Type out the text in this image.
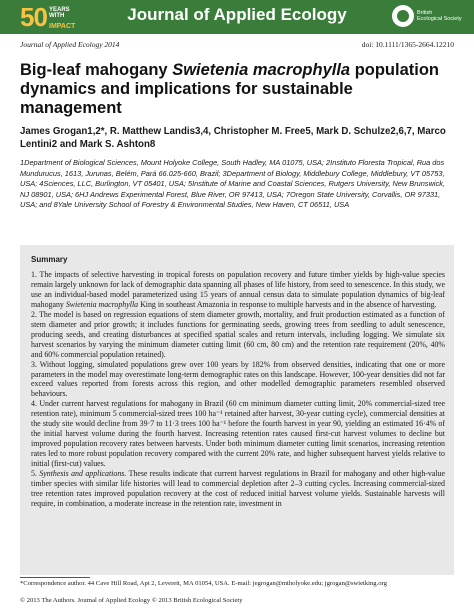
50 YEARS WITH
IMPACT
Journal of Applied Ecology	British
Ecological Society
Journal of Applied Ecology 2014	doi: 10.1111/1365-2664.12210
Big-leaf mahogany Swietenia macrophylla population dynamics and implications for sustainable management
James Grogan1,2*, R. Matthew Landis3,4, Christopher M. Free5, Mark D. Schulze2,6,7, Marco Lentini2 and Mark S. Ashton8
1Department of Biological Sciences, Mount Holyoke College, South Hadley, MA 01075, USA; 2Instituto Floresta Tropical, Rua dos Mundurucus, 1613, Jurunas, Belém, Pará 66.025-660, Brazil; 3Department of Biology, Middlebury College, Middlebury, VT 05753, USA; 4Sciences, LLC, Burlington, VT 05401, USA; 5Institute of Marine and Coastal Sciences, Rutgers University, New Brunswick, NJ 08901, USA; 6HJ Andrews Experimental Forest, Blue River, OR 97413, USA; 7Oregon State University, Corvallis, OR 97331, USA; and 8Yale University School of Forestry & Environmental Studies, New Haven, CT 06511, USA
Summary

1. The impacts of selective harvesting in tropical forests on population recovery and future timber yields by high-value species remain largely unknown for lack of demographic data spanning all phases of life history, from seed to senescence. In this study, we use an individual-based model parameterized using 15 years of annual census data to simulate population dynamics of big-leaf mahogany Swietenia macrophylla King in southeast Amazonia in response to multiple harvests and in the absence of harvesting.

2. The model is based on regression equations of stem diameter growth, mortality, and fruit production estimated as a function of stem diameter and prior growth; it includes functions for germinating seeds, growing trees from seedling to adult senescence, producing seeds, and creating disturbances at specified spatial scales and return intervals, including logging. We simulate six harvest scenarios by varying the minimum diameter cutting limit (60 cm, 80 cm) and the retention rate requirement (20%, 40% and 60% commercial population retained).

3. Without logging, simulated populations grew over 100 years by 182% from observed densities, indicating that one or more parameters in the model may overestimate long-term demographic rates on this landscape. However, 100-year densities did not far exceed values reported from forests across this region, and other modelled demographic parameters resembled observed behaviours.

4. Under current harvest regulations for mahogany in Brazil (60 cm minimum diameter cutting limit, 20% commercial-sized tree retention rate), minimum 5 commercial-sized trees 100 ha⁻¹ retained after harvest, 30-year cutting cycle), commercial densities at the study site would decline from 39·7 to 11·3 trees 100 ha⁻¹ before the fourth harvest in year 90, yielding an estimated 16·4% of the initial harvest volume during the fourth harvest. Increasing retention rates caused first-cut harvest volumes to decline but improved population recovery rates between harvests. Under both minimum diameter cutting limit scenarios, increasing retention rates led to more robust population recovery compared with the current 20% rate, and higher subsequent harvest yields relative to initial (first-cut) values.

5. Synthesis and applications. These results indicate that current harvest regulations in Brazil for mahogany and other high-value timber species with similar life histories will lead to commercial depletion after 2–3 cutting cycles. Increasing commercial-sized tree retention rates improved population recovery at the cost of reduced initial harvest volume yields. Sustainable harvests will require, in combination, a moderate increase in the retention rate, investment in

*Correspondence author. 44 Cave Hill Road, Apt 2, Leverett, MA 01054, USA. E-mail: jegrogan@mtholyoke.edu; jgrogan@swietking.org
© 2013 The Authors. Journal of Applied Ecology © 2013 British Ecological Society
